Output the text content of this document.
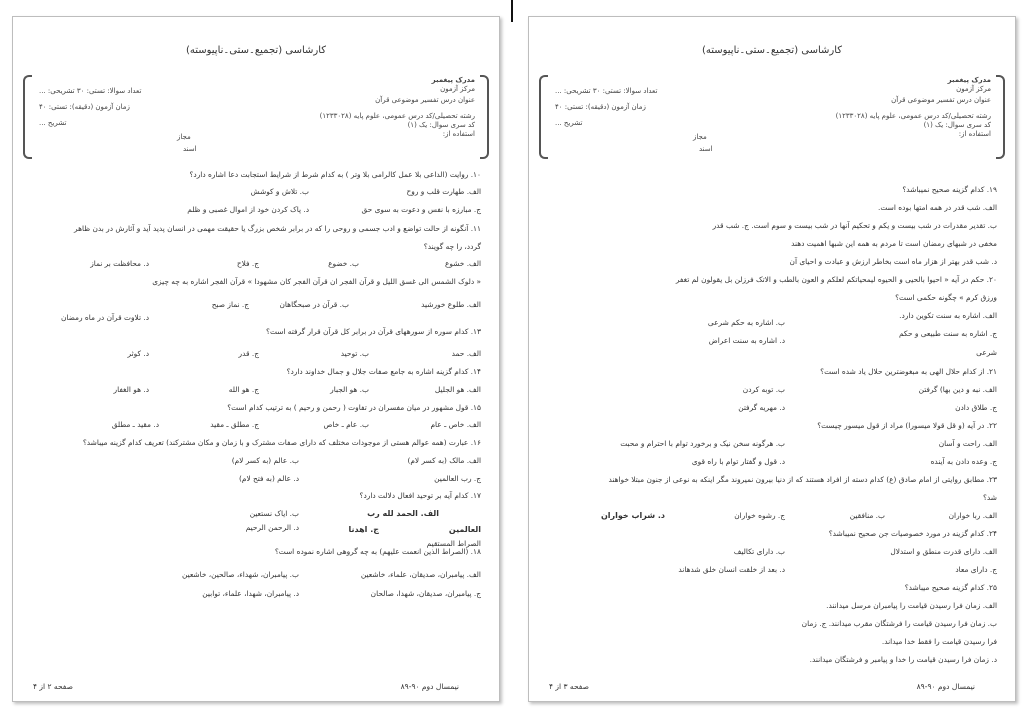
کارشاسی (تجمیع۔ستی۔ناپیوسته)
مدرک پیغمبر
مرکز آزمون
عنوان درس تفسیر موضوعی قرآن
رشته تحصیلی/کد درس عمومی، علوم پایه (۱۲۳۳۰۲۸)
کد سری سوال: یک (۱)
استفاده از:
تعداد سوالا: تستی: ۳۰ تشریحی: ...
زمان آزمون (دقیقه): تستی: ۴۰
تشریح ...
مجاز
اسند
۱۰. روایت (الداعی بلا عمل کالرامی بلا وتر ) به کدام شرط از شرایط استجابت دعا اشاره دارد؟
الف. طهارت قلب و روح
ب. تلاش و کوشش
ج. مبارزه با نفس و دعوت به سوی حق
د. پاک کردن خود از اموال غصبی و ظلم
۱۱. آنگونه از حالت تواضع و ادب جسمی و روحی را که در برابر شخص بزرگ یا حقیقت مهمی در انسان پدید آید و آثارش در بدن ظاهر
گردد، را چه گویند؟
الف. خشوع
ب. خضوع
ج. فلاح
د. محافظت بر نماز
« دلوک الشمس الی غسق اللیل و قرآن الفجر ان قرآن الفجر کان مشهودا » قرآن الفجر اشاره به چه چیزی
الف. طلوع خورشید
ب. قرآن در صبحگاهان
ج. نماز صبح
د. تلاوت قرآن در ماه رمضان
۱۳. کدام سوره از سورههای قرآن در برابر کل قرآن قرار گرفته است؟
الف. حمد
ب. توحید
ج. قدر
د. کوثر
۱۴. کدام گزینه اشاره به جامع صفات جلال و جمال خداوند دارد؟
الف. هو الجلیل
ب. هو الجبار
ج. هو الله
د. هو الغفار
۱۵. قول مشهور در میان مفسران در تفاوت ( رحمن و رحیم ) به ترتیب کدام است؟
الف. خاص ـ عام
ب. عام ـ خاص
ج. مطلق ـ مقید
د. مقید ـ مطلق
۱۶. عبارت (همه عوالم هستی از موجودات مختلف که دارای صفات مشترک و با زمان و مکان مشترکند) تعریف کدام گزینه میباشد؟
الف. مالک (به کسر لام)
ب. عالم (به کسر لام)
ج. رب العالمین
د. عالم (به فتح لام)
۱۷. کدام آیه بر توحید افعال دلالت دارد؟
الف. الحمد لله رب
ب. ایاک نستعین
العالمین
ج. اهدنا
د. الرحمن الرحیم
الصراط المستقیم
۱۸. (الصراط الذین انعمت علیهم) به چه گروهی اشاره نموده است؟
الف. پیامبران، صدیقان، علماء، خاشعین
ب. پیامبران، شهداء، صالحین، خاشعین
ج. پیامبران، صدیقان، شهدا، صالحان
د. پیامبران، شهدا، علماء، توابین
صفحه ۲ از ۴	نیمسال دوم ۹۰-۸۹
کارشاسی (تجمیع۔ستی۔ناپیوسته)
مدرک پیغمبر
مرکز آزمون
عنوان درس تفسیر موضوعی قرآن
رشته تحصیلی/کد درس عمومی، علوم پایه (۱۲۳۳۰۲۸)
کد سری سوال: یک (۱)
استفاده از:
تعداد سوالا: تستی: ۳۰ تشریحی: ...
زمان آزمون (دقیقه): تستی: ۴۰
تشریح ...
مجاز
اسند
۱۹. کدام گزینه صحیح نمیباشد؟
الف. شب قدر در همه امتها بوده است.
ب. تقدیر مقدرات در شب بیست و یکم و تحکیم آنها در شب بیست و سوم است. ج. شب قدر
مخفی در شبهای رمضان است تا مردم به همه این شبها اهمیت دهند
د. شب قدر بهتر از هزار ماه است بخاطر ارزش و عبادت و احیای آن
۲۰. حکم در آیه « احیوا بالحیی و الحیوه لیمحیاتکم لعلکم و العون بالطب و الاتک فرزلن بل یقولون لم تغفر
ورزق کرم » چگونه حکمی است؟
الف. اشاره به سنت تکوین دارد.
ب. اشاره به حکم شرعی
ج. اشاره به سنت طبیعی و حکم
د. اشاره به سنت اعراض
شرعی
۲۱. از کدام حلال الهی به مبغوضترین حلال یاد شده است؟
الف. نبه و دین بها) گرفتن
ب. توبه کردن
ج. طلاق دادن
د. مهریه گرفتن
۲۲. در آیه (و قل قولا میسورا) مراد از قول میسور چیست؟
الف. راحت و آسان
ب. هرگونه سخن نیک و برخورد توام با احترام و محبت
ج. وعده دادن به آینده
د. قول و گفتار توام با راه قوی
۲۳. مطابق روایتی از امام صادق (ع) کدام دسته از افراد هستند که از دنیا بیرون نمیروند مگر اینکه به نوعی از جنون مبتلا خواهند
شد؟
الف. ربا خواران
ب. منافقین
ج. رشوه خواران
د. شراب خواران
۲۴. کدام گزینه در مورد خصوصیات جن صحیح نمیباشد؟
الف. دارای قدرت منطق و استدلال
ب. دارای تکالیف
ج. دارای معاد
د. بعد از خلقت انسان خلق شدهاند
۲۵. کدام گزینه صحیح میباشد؟
الف. زمان فرا رسیدن قیامت را پیامبران مرسل میدانند.
ب. زمان فرا رسیدن قیامت را فرشتگان مقرب میدانند. ج. زمان
فرا رسیدن قیامت را فقط خدا میداند.
د. زمان فرا رسیدن قیامت را خدا و پیامبر و فرشتگان میدانند.
صفحه ۳ از ۴	نیمسال دوم ۹۰-۸۹
